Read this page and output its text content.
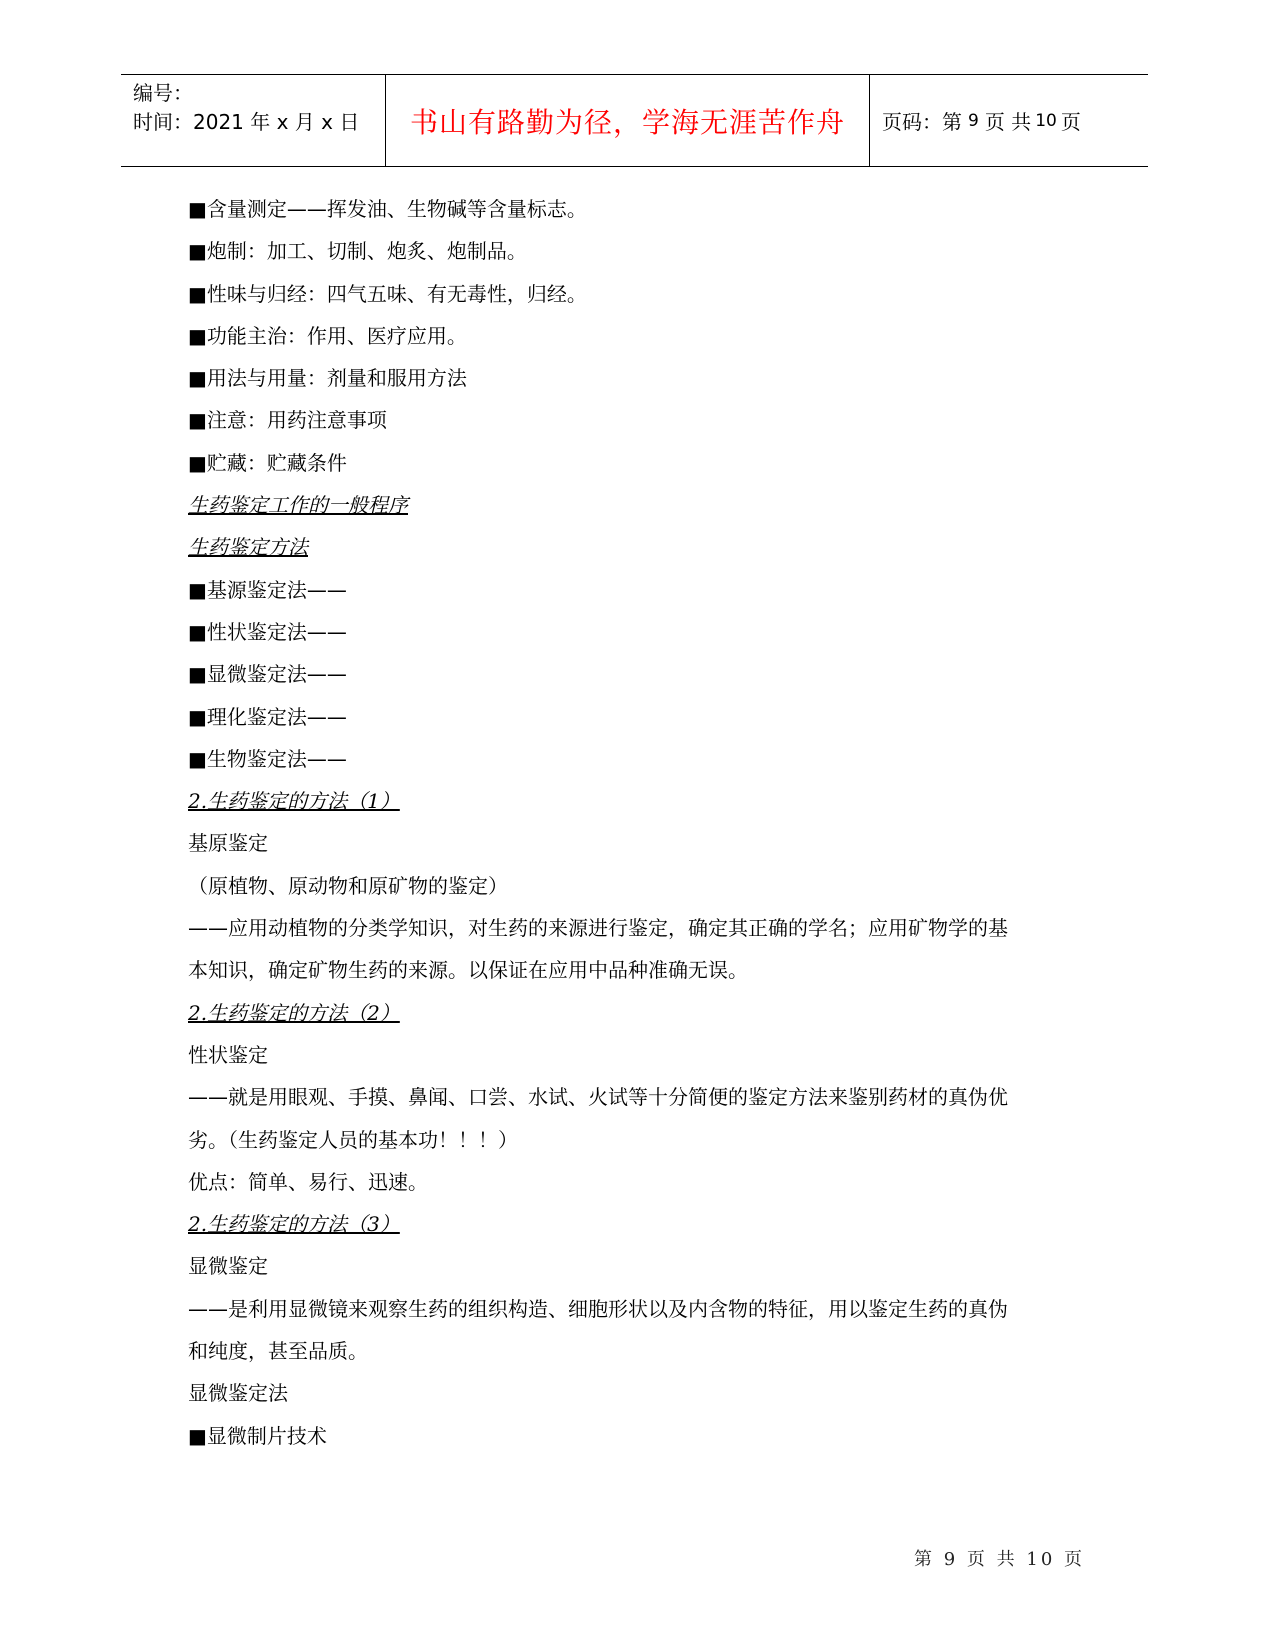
编号：
时间：2021 年 x 月 x 日	书山有路勤为径，学海无涯苦作舟	页码：第 9 页 共 10 页
■含量测定——挥发油、生物碱等含量标志。
■炮制：加工、切制、炮炙、炮制品。
■性味与归经：四气五味、有无毒性，归经。
■功能主治：作用、医疗应用。
■用法与用量：剂量和服用方法
■注意：用药注意事项
■贮藏：贮藏条件
生药鉴定工作的一般程序
生药鉴定方法
■基源鉴定法——
■性状鉴定法——
■显微鉴定法——
■理化鉴定法——
■生物鉴定法——
2.生药鉴定的方法（1）
基原鉴定
（原植物、原动物和原矿物的鉴定）
——应用动植物的分类学知识，对生药的来源进行鉴定，确定其正确的学名；应用矿物学的基
本知识，确定矿物生药的来源。以保证在应用中品种准确无误。
2.生药鉴定的方法（2）
性状鉴定
——就是用眼观、手摸、鼻闻、口尝、水试、火试等十分简便的鉴定方法来鉴别药材的真伪优
劣。（生药鉴定人员的基本功！！！）
优点：简单、易行、迅速。
2.生药鉴定的方法（3）
显微鉴定
——是利用显微镜来观察生药的组织构造、细胞形状以及内含物的特征，用以鉴定生药的真伪
和纯度，甚至品质。
显微鉴定法
■显微制片技术
第 9 页 共 10 页
